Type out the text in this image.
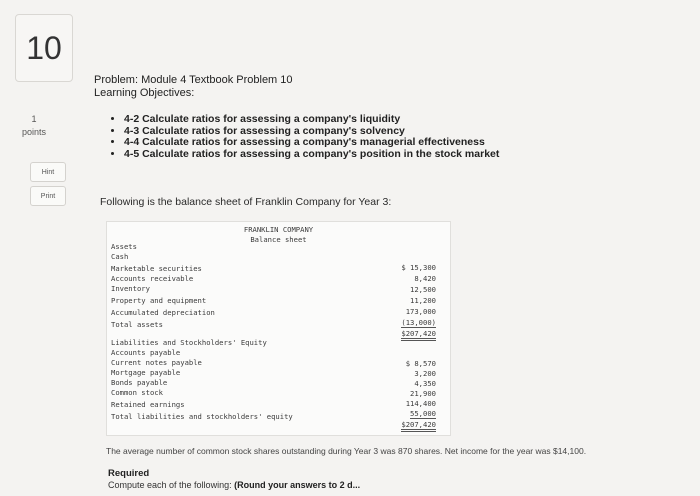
10
1
points
Hint
Print
Problem: Module 4 Textbook Problem 10
Learning Objectives:
• 4-2 Calculate ratios for assessing a company's liquidity
• 4-3 Calculate ratios for assessing a company's solvency
• 4-4 Calculate ratios for assessing a company's managerial effectiveness
• 4-5 Calculate ratios for assessing a company's position in the stock market
Following is the balance sheet of Franklin Company for Year 3:
FRANKLIN COMPANY
Balance sheet
Assets
Cash
Marketable securities
Accounts receivable
Inventory
Property and equipment
Accumulated depreciation
Total assets
$ 15,300
8,420
12,500
11,200
173,000
(13,000)
$207,420
Liabilities and Stockholders' Equity
Accounts payable
Current notes payable
Mortgage payable
Bonds payable
Common stock
Retained earnings
Total liabilities and stockholders' equity
$ 8,570
3,200
4,350
21,900
114,400
55,000
$207,420
The average number of common stock shares outstanding during Year 3 was 870 shares. Net income for the year was $14,100.
Required
Compute each of the following: (Round your answers to 2 d...
